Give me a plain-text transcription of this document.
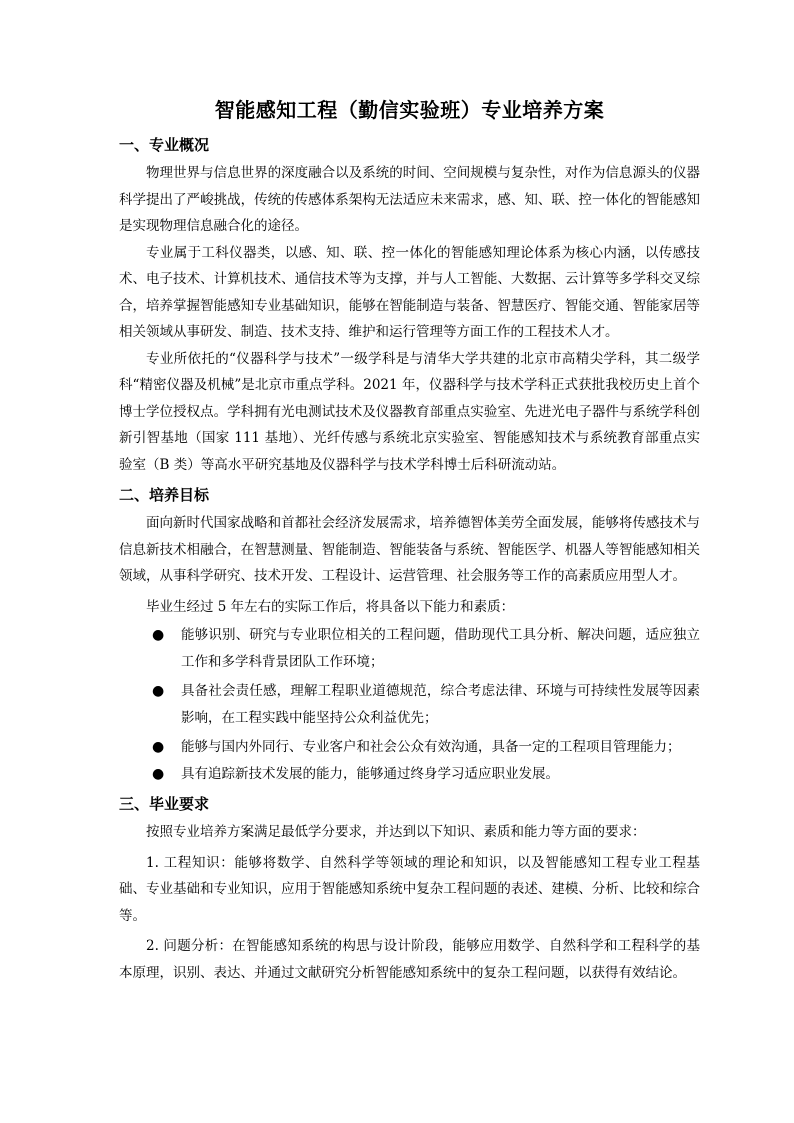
智能感知工程（勤信实验班）专业培养方案
一、专业概况

物理世界与信息世界的深度融合以及系统的时间、空间规模与复杂性，对作为信息源头的仪器科学提出了严峻挑战，传统的传感体系架构无法适应未来需求，感、知、联、控一体化的智能感知是实现物理信息融合化的途径。

专业属于工科仪器类，以感、知、联、控一体化的智能感知理论体系为核心内涵，以传感技术、电子技术、计算机技术、通信技术等为支撑，并与人工智能、大数据、云计算等多学科交叉综合，培养掌握智能感知专业基础知识，能够在智能制造与装备、智慧医疗、智能交通、智能家居等相关领域从事研发、制造、技术支持、维护和运行管理等方面工作的工程技术人才。

专业所依托的“仪器科学与技术”一级学科是与清华大学共建的北京市高精尖学科，其二级学科“精密仪器及机械”是北京市重点学科。2021 年，仪器科学与技术学科正式获批我校历史上首个博士学位授权点。学科拥有光电测试技术及仪器教育部重点实验室、先进光电子器件与系统学科创新引智基地（国家 111 基地）、光纤传感与系统北京实验室、智能感知技术与系统教育部重点实验室（B 类）等高水平研究基地及仪器科学与技术学科博士后科研流动站。

二、培养目标

面向新时代国家战略和首都社会经济发展需求，培养德智体美劳全面发展，能够将传感技术与信息新技术相融合，在智慧测量、智能制造、智能装备与系统、智能医学、机器人等智能感知相关领域，从事科学研究、技术开发、工程设计、运营管理、社会服务等工作的高素质应用型人才。

毕业生经过 5 年左右的实际工作后，将具备以下能力和素质：

● 能够识别、研究与专业职位相关的工程问题，借助现代工具分析、解决问题，适应独立工作和多学科背景团队工作环境；
● 具备社会责任感，理解工程职业道德规范，综合考虑法律、环境与可持续性发展等因素影响，在工程实践中能坚持公众利益优先；
● 能够与国内外同行、专业客户和社会公众有效沟通，具备一定的工程项目管理能力；
● 具有追踪新技术发展的能力，能够通过终身学习适应职业发展。
三、毕业要求

按照专业培养方案满足最低学分要求，并达到以下知识、素质和能力等方面的要求：

1. 工程知识：能够将数学、自然科学等领域的理论和知识，以及智能感知工程专业工程基础、专业基础和专业知识，应用于智能感知系统中复杂工程问题的表述、建模、分析、比较和综合等。

2. 问题分析：在智能感知系统的构思与设计阶段，能够应用数学、自然科学和工程科学的基本原理，识别、表达、并通过文献研究分析智能感知系统中的复杂工程问题，以获得有效结论。
